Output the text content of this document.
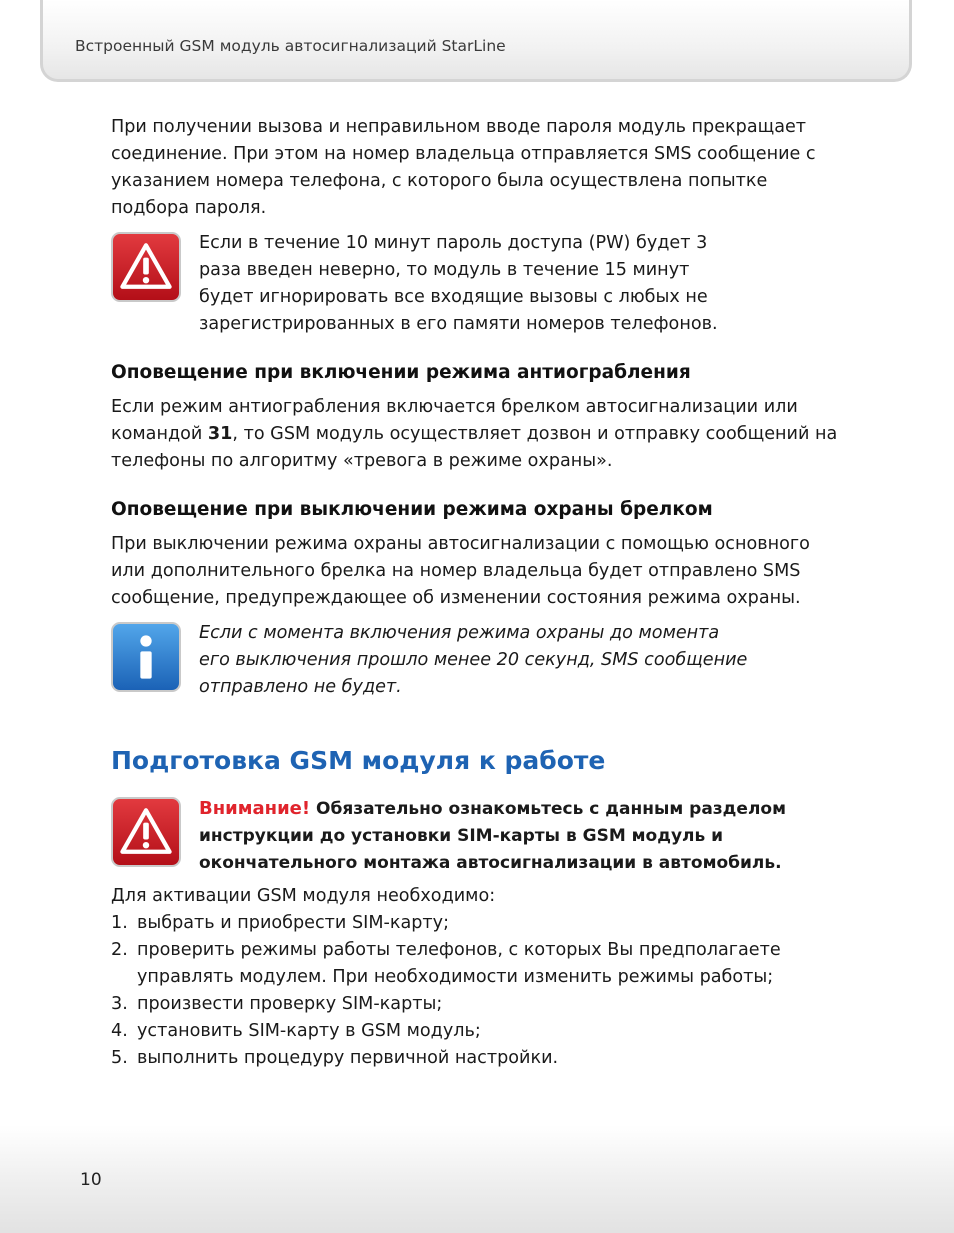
Встроенный GSM модуль автосигнализаций StarLine

При получении вызова и неправильном вводе пароля модуль прекращает соединение. При этом на номер владельца отправляется SMS сообщение с указанием номера телефона, с которого была осуществлена попытке подбора пароля.

Если в течение 10 минут пароль доступа (PW) будет 3

раза введен неверно, то модуль в течение 15 минут

будет игнорировать все входящие вызовы с любых не

зарегистрированных в его памяти номеров телефонов.

Оповещение при включении режима антиограбления

Если режим антиограбления включается брелком автосигнализации или командой 31, то GSM модуль осуществляет дозвон и отправку сообщений на телефоны по алгоритму «тревога в режиме охраны».

Оповещение при выключении режима охраны брелком

При выключении режима охраны автосигнализации с помощью основного или дополнительного брелка на номер владельца будет отправлено SMS сообщение, предупреждающее об изменении состояния режима охраны.

Если с момента включения режима охраны до момента

его выключения прошло менее 20 секунд, SMS сообщение

отправлено не будет.

Подготовка GSM модуля к работе

Внимание! Обязательно ознакомьтесь с данным разделом инструкции до установки SIM-карты в GSM модуль и окончательного монтажа автосигнализации в автомобиль.

Для активации GSM модуля необходимо:

1. выбрать и приобрести SIM-карту;
2. проверить режимы работы телефонов, с которых Вы предполагаете управлять модулем. При необходимости изменить режимы работы;
3. произвести проверку SIM-карты;
4. установить SIM-карту в GSM модуль;
5. выполнить процедуру первичной настройки.
10
